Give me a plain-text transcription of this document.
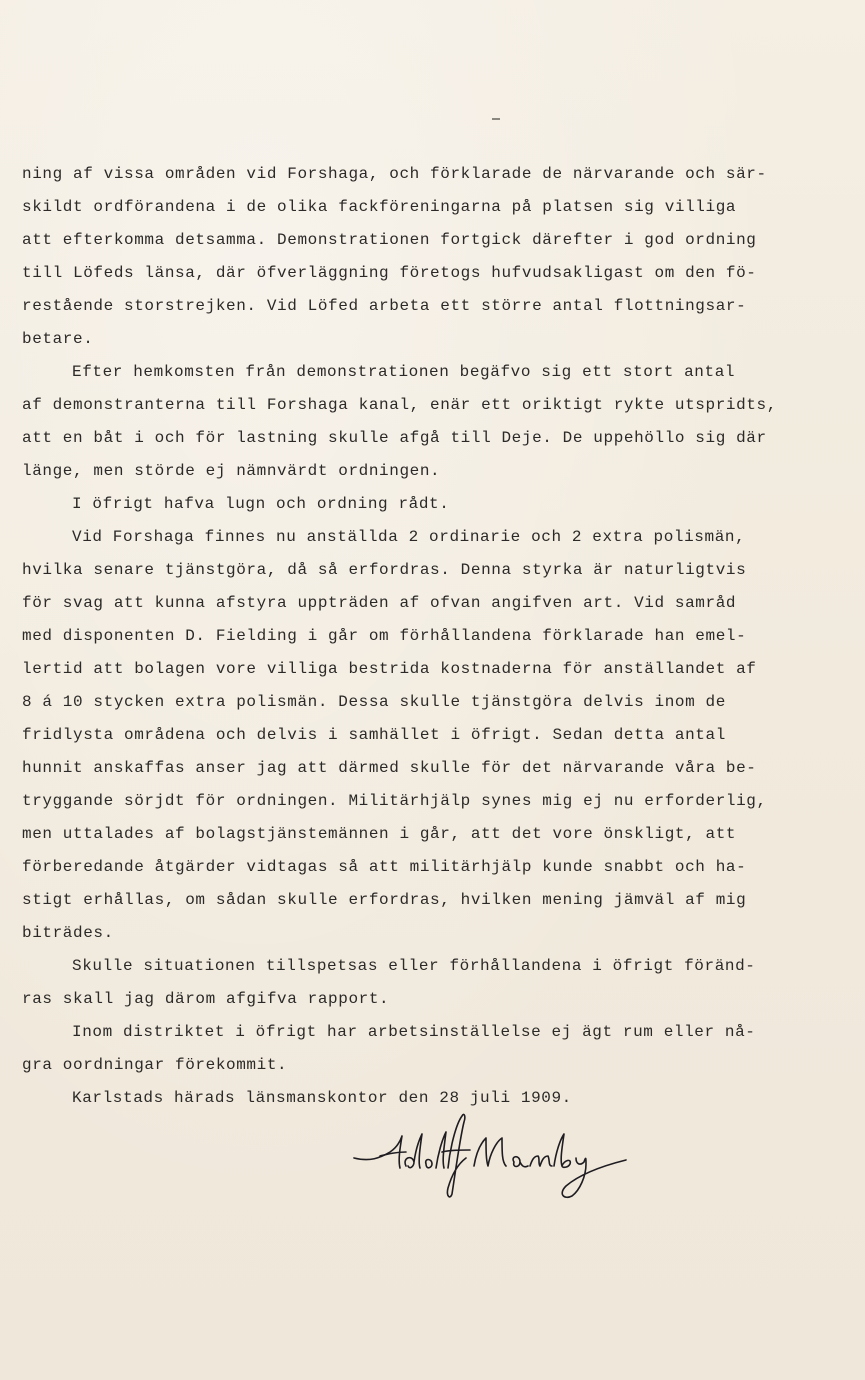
ning af vissa områden vid Forshaga, och förklarade de närvarande och sär-
skildt ordförandena i de olika fackföreningarna på platsen sig villiga
att efterkomma detsamma. Demonstrationen fortgick därefter i god ordning
till Löfeds länsa, där öfverläggning företogs hufvudsakligast om den fö-
restående storstrejken. Vid Löfed arbeta ett större antal flottningsar-
betare.
Efter hemkomsten från demonstrationen begäfvo sig ett stort antal
af demonstranterna till Forshaga kanal, enär ett oriktigt rykte utspridts,
att en båt i och för lastning skulle afgå till Deje. De uppehöllo sig där
länge, men störde ej nämnvärdt ordningen.
I öfrigt hafva lugn och ordning rådt.
Vid Forshaga finnes nu anställda 2 ordinarie och 2 extra polismän,
hvilka senare tjänstgöra, då så erfordras. Denna styrka är naturligtvis
för svag att kunna afstyra uppträden af ofvan angifven art. Vid samråd
med disponenten D. Fielding i går om förhållandena förklarade han emel-
lertid att bolagen vore villiga bestrida kostnaderna för anställandet af
8 á 10 stycken extra polismän. Dessa skulle tjänstgöra delvis inom de
fridlysta områdena och delvis i samhället i öfrigt. Sedan detta antal
hunnit anskaffas anser jag att därmed skulle för det närvarande våra be-
tryggande sörjdt för ordningen. Militärhjälp synes mig ej nu erforderlig,
men uttalades af bolagstjänstemännen i går, att det vore önskligt, att
förberedande åtgärder vidtagas så att militärhjälp kunde snabbt och ha-
stigt erhållas, om sådan skulle erfordras, hvilken mening jämväl af mig
biträdes.
Skulle situationen tillspetsas eller förhållandena i öfrigt föränd-
ras skall jag därom afgifva rapport.
Inom distriktet i öfrigt har arbetsinställelse ej ägt rum eller nå-
gra oordningar förekommit.
Karlstads härads länsmanskontor den 28 juli 1909.
